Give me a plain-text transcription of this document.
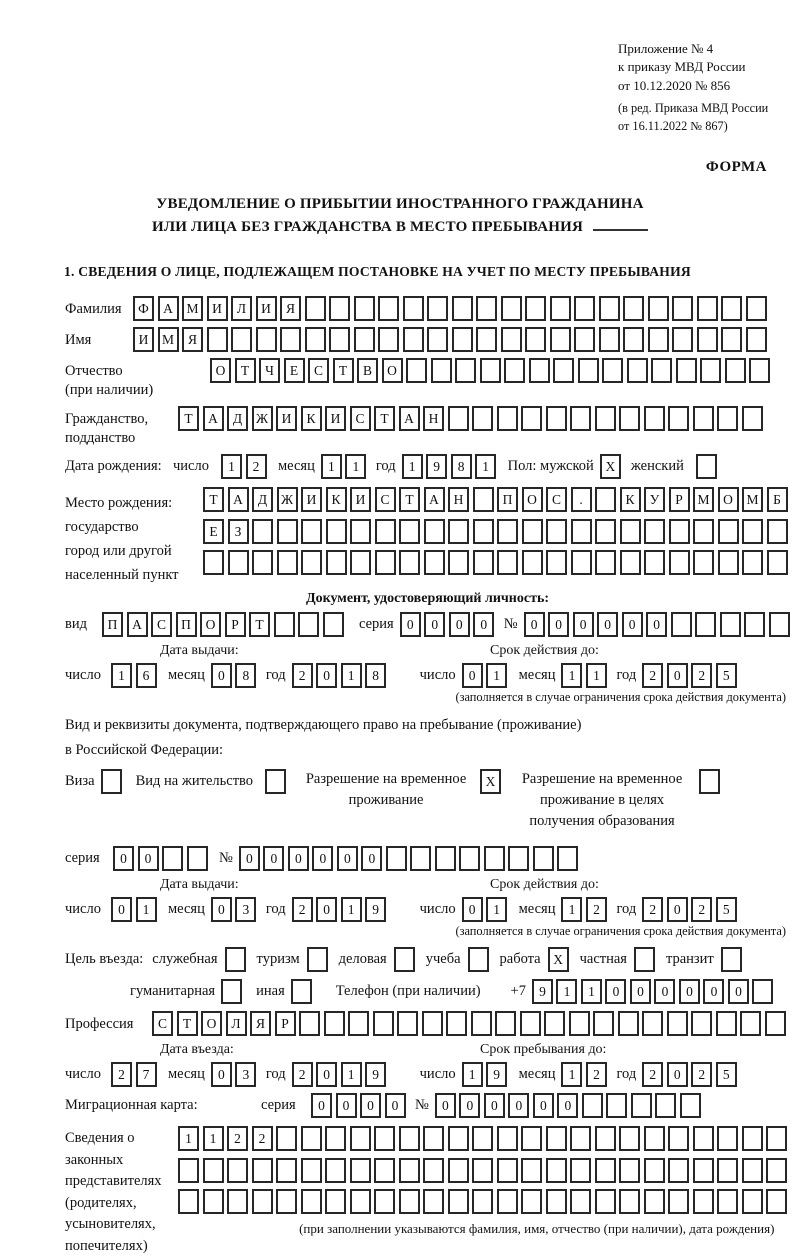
Приложение № 4
к приказу МВД России
от 10.12.2020 № 856
(в ред. Приказа МВД России
от 16.11.2022 № 867)
ФОРМА
УВЕДОМЛЕНИЕ О ПРИБЫТИИ ИНОСТРАННОГО ГРАЖДАНИНА
ИЛИ ЛИЦА БЕЗ ГРАЖДАНСТВА В МЕСТО ПРЕБЫВАНИЯ
1. СВЕДЕНИЯ О ЛИЦЕ, ПОДЛЕЖАЩЕМ ПОСТАНОВКЕ НА УЧЕТ ПО МЕСТУ ПРЕБЫВАНИЯ
Фамилия	Ф	А	М	И	Л	И	Я
Имя	И	М	Я
Отчество
(при наличии)
О	Т	Ч	Е	С	Т	В	О
Гражданство,
подданство
Т	А	Д	Ж	И	К	И	С	Т	А	Н
Дата рождения: число	1	2	месяц 1	1	год 1	9	8	1	Пол: мужской X	женский
Место рождения:
государство
город или другой
населенный пункт
Т	А	Д	Ж	И	К	И	С	Т	А	Н	П	О	С	.	К	У	Р	М	О	М	Б
Е	З
Документ, удостоверяющий личность:
вид	П	А	С	П	О	Р	Т	серия 0	0	0	0	№ 0	0	0	0	0	0
Дата выдачи:	Срок действия до:
число	1	6	месяц 0	8	год 2	0	1	8	число 0	1	месяц 1	1	год 2	0	2	5
(заполняется в случае ограничения срока действия документа)
Вид и реквизиты документа, подтверждающего право на пребывание (проживание)
в Российской Федерации:
Виза	Вид на жительство	Разрешение на временное
проживание
X	Разрешение на временное
проживание в целях
получения образования
серия	0	0	№ 0	0	0	0	0	0
Дата выдачи:	Срок действия до:
число	0	1	месяц 0	3	год 2	0	1	9	число 0	1	месяц 1	2	год 2	0	2	5
(заполняется в случае ограничения срока действия документа)
Цель въезда: служебная	туризм	деловая	учеба	работа X	частная	транзит
гуманитарная	иная	Телефон (при наличии)	+7 9	1	1	0	0	0	0	0	0
Профессия	С	Т	О	Л	Я	Р
Дата въезда:	Срок пребывания до:
число	2	7	месяц 0	3	год 2	0	1	9	число 1	9	месяц 1	2	год 2	0	2	5
Миграционная карта:	серия	0	0	0	0	№ 0	0	0	0	0	0
Сведения о
законных
представителях
(родителях,
усыновителях,
попечителях)
1	1	2	2
(при заполнении указываются фамилия, имя, отчество (при наличии), дата рождения)
